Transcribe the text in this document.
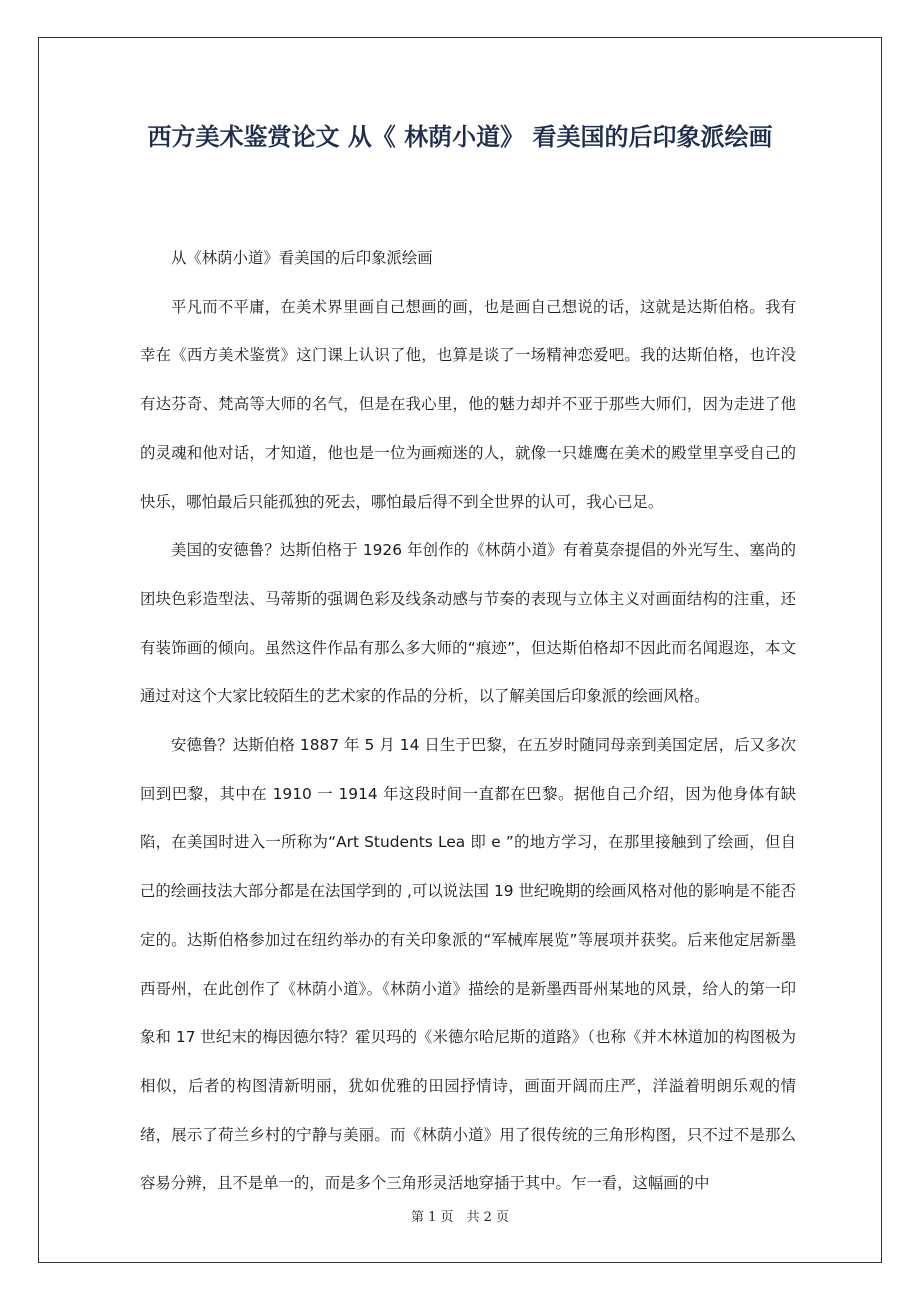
西方美术鉴赏论文 从《 林荫小道》 看美国的后印象派绘画

从《林荫小道》看美国的后印象派绘画

平凡而不平庸，在美术界里画自己想画的画，也是画自己想说的话，这就是达斯伯格。我有幸在《西方美术鉴赏》这门课上认识了他，也算是谈了一场精神恋爱吧。我的达斯伯格，也许没有达芬奇、梵高等大师的名气，但是在我心里，他的魅力却并不亚于那些大师们，因为走进了他的灵魂和他对话，才知道，他也是一位为画痴迷的人，就像一只雄鹰在美术的殿堂里享受自己的快乐，哪怕最后只能孤独的死去，哪怕最后得不到全世界的认可，我心已足。

美国的安德鲁？达斯伯格于 1926 年创作的《林荫小道》有着莫奈提倡的外光写生、塞尚的团块色彩造型法、马蒂斯的强调色彩及线条动感与节奏的表现与立体主义对画面结构的注重，还有装饰画的倾向。虽然这件作品有那么多大师的“痕迹”，但达斯伯格却不因此而名闻遐迩，本文通过对这个大家比较陌生的艺术家的作品的分析，以了解美国后印象派的绘画风格。

安德鲁？达斯伯格 1887 年 5 月 14 日生于巴黎，在五岁时随同母亲到美国定居，后又多次回到巴黎，其中在 1910 一 1914 年这段时间一直都在巴黎。据他自己介绍，因为他身体有缺陷，在美国时进入一所称为“Art Students Lea 即 e ”的地方学习，在那里接触到了绘画，但自己的绘画技法大部分都是在法国学到的 ,可以说法国 19 世纪晚期的绘画风格对他的影响是不能否定的。达斯伯格参加过在纽约举办的有关印象派的“军械库展览”等展项并获奖。后来他定居新墨西哥州，在此创作了《林荫小道》。《林荫小道》描绘的是新墨西哥州某地的风景，给人的第一印象和 17 世纪末的梅因德尔特？霍贝玛的《米德尔哈尼斯的道路》（也称《并木林道加的构图极为相似，后者的构图清新明丽，犹如优雅的田园抒情诗，画面开阔而庄严，洋溢着明朗乐观的情绪，展示了荷兰乡村的宁静与美丽。而《林荫小道》用了很传统的三角形构图，只不过不是那么容易分辨，且不是单一的，而是多个三角形灵活地穿插于其中。乍一看，这幅画的中

第 1 页　共 2 页
